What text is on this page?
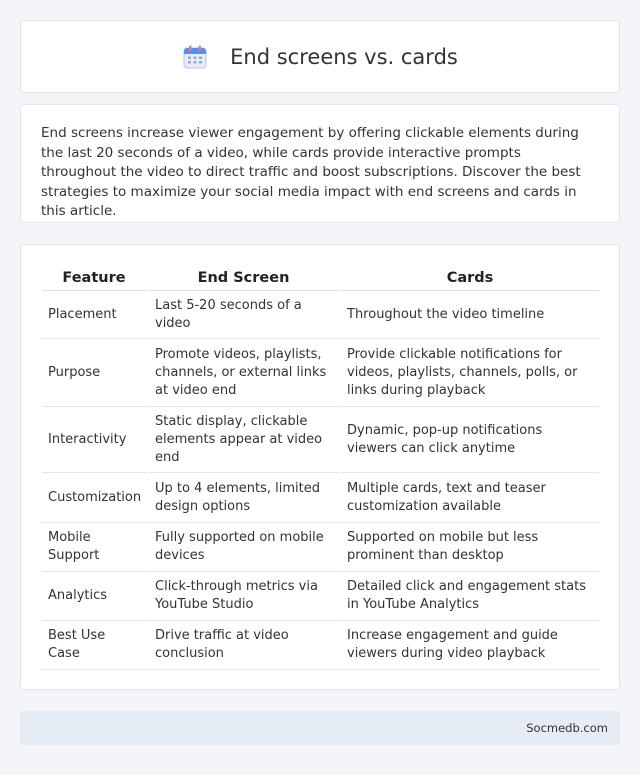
End screens vs. cards

End screens increase viewer engagement by offering clickable elements during the last 20 seconds of a video, while cards provide interactive prompts throughout the video to direct traffic and boost subscriptions. Discover the best strategies to maximize your social media impact with end screens and cards in this article.

Feature	End Screen	Cards
Placement	Last 5-20 seconds of a video	Throughout the video timeline
Purpose	Promote videos, playlists, channels, or external links at video end	Provide clickable notifications for videos, playlists, channels, polls, or links during playback
Interactivity	Static display, clickable elements appear at video end	Dynamic, pop-up notifications viewers can click anytime
Customization	Up to 4 elements, limited design options	Multiple cards, text and teaser customization available
Mobile Support	Fully supported on mobile devices	Supported on mobile but less prominent than desktop
Analytics	Click-through metrics via YouTube Studio	Detailed click and engagement stats in YouTube Analytics
Best Use Case	Drive traffic at video conclusion	Increase engagement and guide viewers during video playback
Socmedb.com
